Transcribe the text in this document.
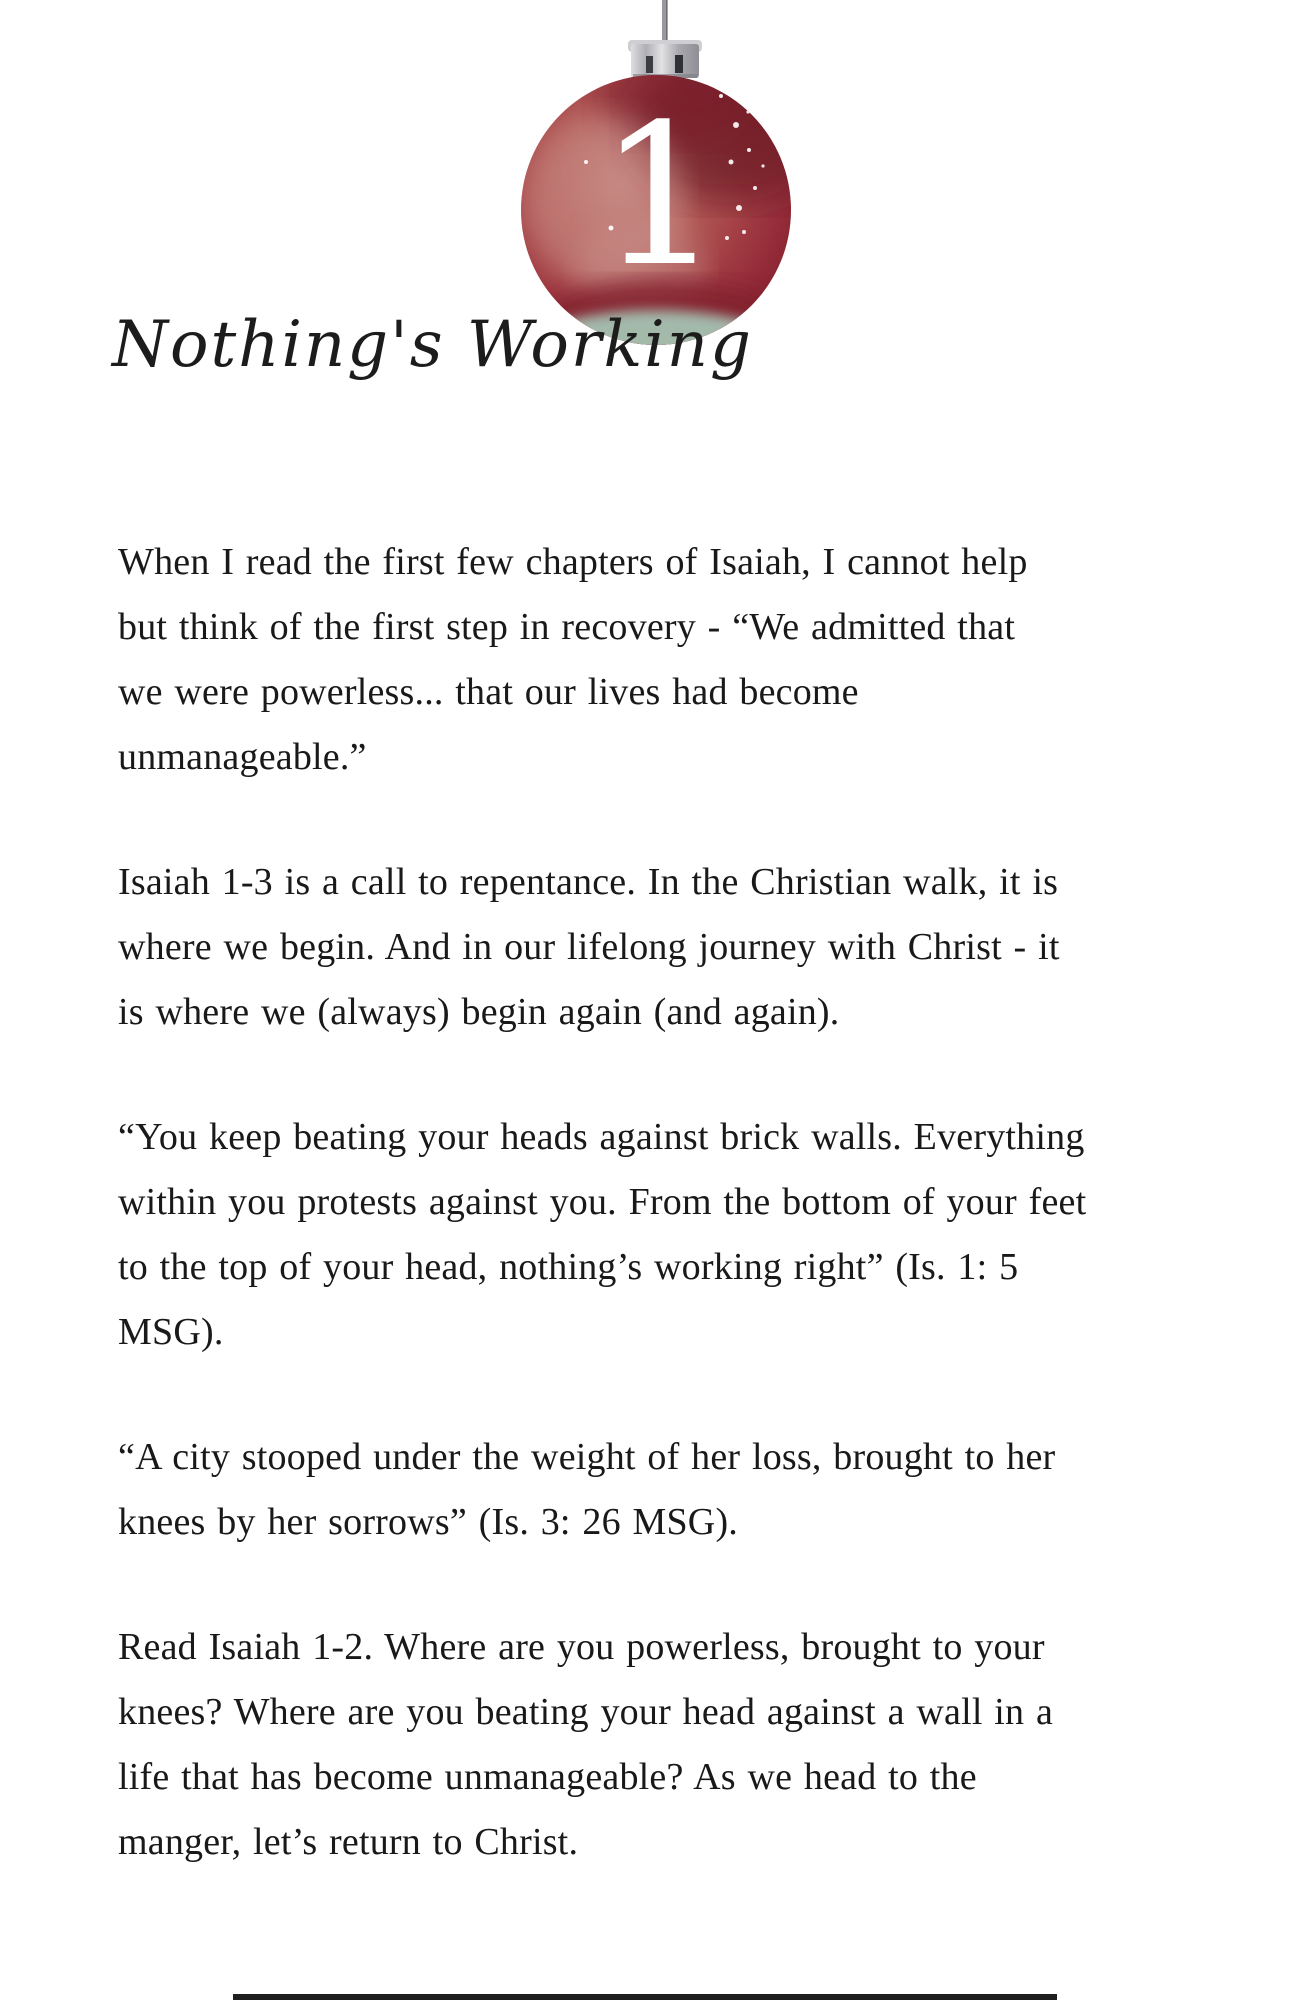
1
Nothing's Working
When I read the first few chapters of Isaiah, I cannot help
but think of the first step in recovery - “We admitted that
we were powerless... that our lives had become
unmanageable.”
Isaiah 1-3 is a call to repentance. In the Christian walk, it is
where we begin. And in our lifelong journey with Christ - it
is where we (always) begin again (and again).
“You keep beating your heads against brick walls. Everything
within you protests against you. From the bottom of your feet
to the top of your head, nothing’s working right” (Is. 1: 5
MSG).
“A city stooped under the weight of her loss, brought to her
knees by her sorrows” (Is. 3: 26 MSG).
Read Isaiah 1-2. Where are you powerless, brought to your
knees? Where are you beating your head against a wall in a
life that has become unmanageable? As we head to the
manger, let’s return to Christ.
